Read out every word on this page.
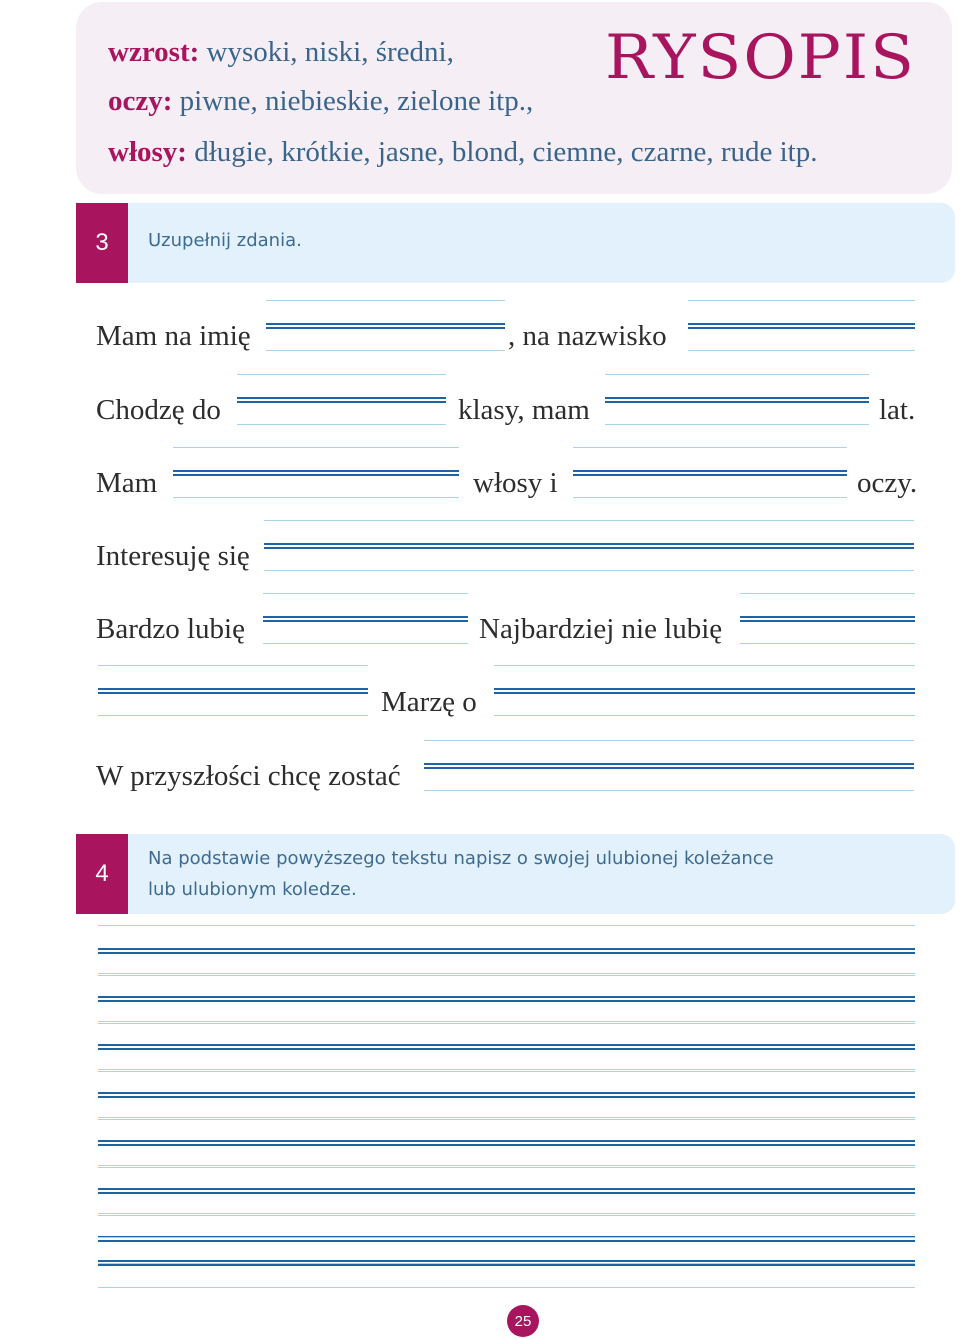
wzrost: wysoki, niski, średni,
oczy: piwne, niebieskie, zielone itp.,
włosy: długie, krótkie, jasne, blond, ciemne, czarne, rude itp.
RYSOPIS
3	Uzupełnij zdania.
Mam na imię	, na nazwisko
Chodzę do	klasy, mam	lat.
Mam	włosy i	oczy.
Interesuję się
Bardzo lubię	Najbardziej nie lubię
Marzę o
W przyszłości chcę zostać
4
Na podstawie powyższego tekstu napisz o swojej ulubionej koleżance
lub ulubionym koledze.
25
